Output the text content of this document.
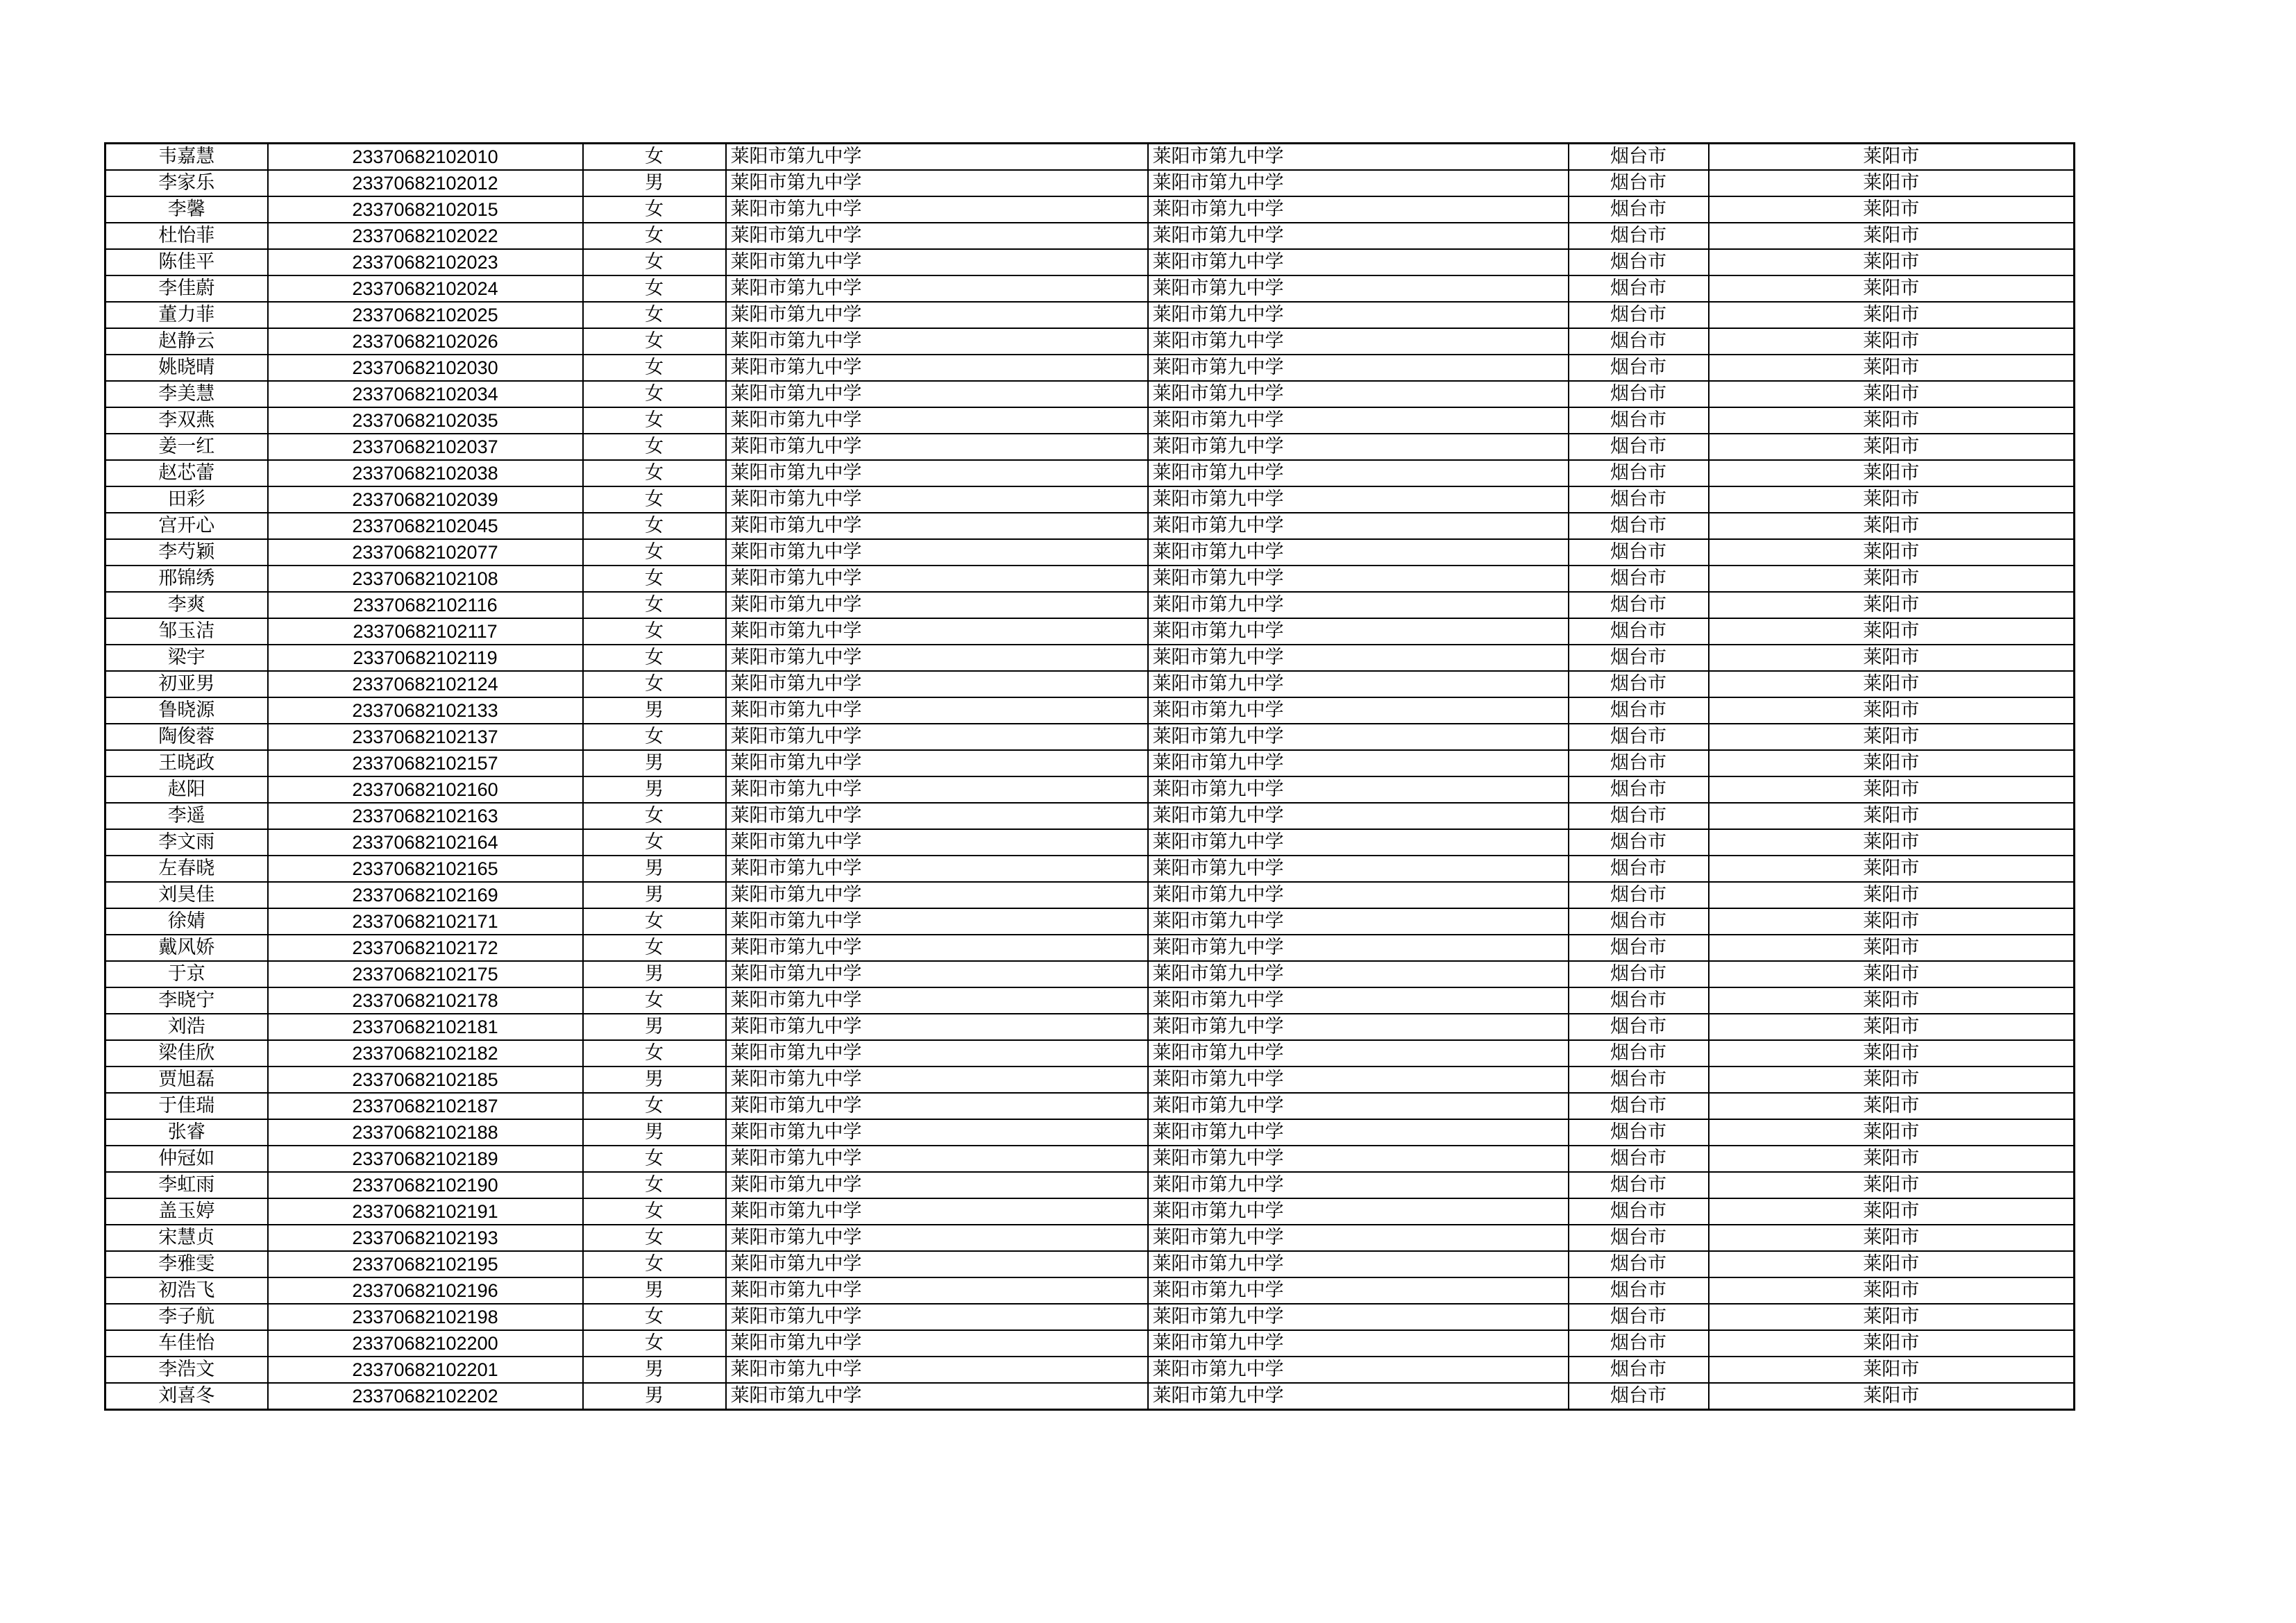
韦嘉慧	23370682102010	女	莱阳市第九中学	莱阳市第九中学	烟台市	莱阳市
李家乐	23370682102012	男	莱阳市第九中学	莱阳市第九中学	烟台市	莱阳市
李馨	23370682102015	女	莱阳市第九中学	莱阳市第九中学	烟台市	莱阳市
杜怡菲	23370682102022	女	莱阳市第九中学	莱阳市第九中学	烟台市	莱阳市
陈佳平	23370682102023	女	莱阳市第九中学	莱阳市第九中学	烟台市	莱阳市
李佳蔚	23370682102024	女	莱阳市第九中学	莱阳市第九中学	烟台市	莱阳市
董力菲	23370682102025	女	莱阳市第九中学	莱阳市第九中学	烟台市	莱阳市
赵静云	23370682102026	女	莱阳市第九中学	莱阳市第九中学	烟台市	莱阳市
姚晓晴	23370682102030	女	莱阳市第九中学	莱阳市第九中学	烟台市	莱阳市
李美慧	23370682102034	女	莱阳市第九中学	莱阳市第九中学	烟台市	莱阳市
李双燕	23370682102035	女	莱阳市第九中学	莱阳市第九中学	烟台市	莱阳市
姜一红	23370682102037	女	莱阳市第九中学	莱阳市第九中学	烟台市	莱阳市
赵芯蕾	23370682102038	女	莱阳市第九中学	莱阳市第九中学	烟台市	莱阳市
田彩	23370682102039	女	莱阳市第九中学	莱阳市第九中学	烟台市	莱阳市
宫开心	23370682102045	女	莱阳市第九中学	莱阳市第九中学	烟台市	莱阳市
李芍颖	23370682102077	女	莱阳市第九中学	莱阳市第九中学	烟台市	莱阳市
邢锦绣	23370682102108	女	莱阳市第九中学	莱阳市第九中学	烟台市	莱阳市
李爽	23370682102116	女	莱阳市第九中学	莱阳市第九中学	烟台市	莱阳市
邹玉洁	23370682102117	女	莱阳市第九中学	莱阳市第九中学	烟台市	莱阳市
梁宇	23370682102119	女	莱阳市第九中学	莱阳市第九中学	烟台市	莱阳市
初亚男	23370682102124	女	莱阳市第九中学	莱阳市第九中学	烟台市	莱阳市
鲁晓源	23370682102133	男	莱阳市第九中学	莱阳市第九中学	烟台市	莱阳市
陶俊蓉	23370682102137	女	莱阳市第九中学	莱阳市第九中学	烟台市	莱阳市
王晓政	23370682102157	男	莱阳市第九中学	莱阳市第九中学	烟台市	莱阳市
赵阳	23370682102160	男	莱阳市第九中学	莱阳市第九中学	烟台市	莱阳市
李遥	23370682102163	女	莱阳市第九中学	莱阳市第九中学	烟台市	莱阳市
李文雨	23370682102164	女	莱阳市第九中学	莱阳市第九中学	烟台市	莱阳市
左春晓	23370682102165	男	莱阳市第九中学	莱阳市第九中学	烟台市	莱阳市
刘昊佳	23370682102169	男	莱阳市第九中学	莱阳市第九中学	烟台市	莱阳市
徐婧	23370682102171	女	莱阳市第九中学	莱阳市第九中学	烟台市	莱阳市
戴风娇	23370682102172	女	莱阳市第九中学	莱阳市第九中学	烟台市	莱阳市
于京	23370682102175	男	莱阳市第九中学	莱阳市第九中学	烟台市	莱阳市
李晓宁	23370682102178	女	莱阳市第九中学	莱阳市第九中学	烟台市	莱阳市
刘浩	23370682102181	男	莱阳市第九中学	莱阳市第九中学	烟台市	莱阳市
梁佳欣	23370682102182	女	莱阳市第九中学	莱阳市第九中学	烟台市	莱阳市
贾旭磊	23370682102185	男	莱阳市第九中学	莱阳市第九中学	烟台市	莱阳市
于佳瑞	23370682102187	女	莱阳市第九中学	莱阳市第九中学	烟台市	莱阳市
张睿	23370682102188	男	莱阳市第九中学	莱阳市第九中学	烟台市	莱阳市
仲冠如	23370682102189	女	莱阳市第九中学	莱阳市第九中学	烟台市	莱阳市
李虹雨	23370682102190	女	莱阳市第九中学	莱阳市第九中学	烟台市	莱阳市
盖玉婷	23370682102191	女	莱阳市第九中学	莱阳市第九中学	烟台市	莱阳市
宋慧贞	23370682102193	女	莱阳市第九中学	莱阳市第九中学	烟台市	莱阳市
李雅雯	23370682102195	女	莱阳市第九中学	莱阳市第九中学	烟台市	莱阳市
初浩飞	23370682102196	男	莱阳市第九中学	莱阳市第九中学	烟台市	莱阳市
李子航	23370682102198	女	莱阳市第九中学	莱阳市第九中学	烟台市	莱阳市
车佳怡	23370682102200	女	莱阳市第九中学	莱阳市第九中学	烟台市	莱阳市
李浩文	23370682102201	男	莱阳市第九中学	莱阳市第九中学	烟台市	莱阳市
刘喜冬	23370682102202	男	莱阳市第九中学	莱阳市第九中学	烟台市	莱阳市
